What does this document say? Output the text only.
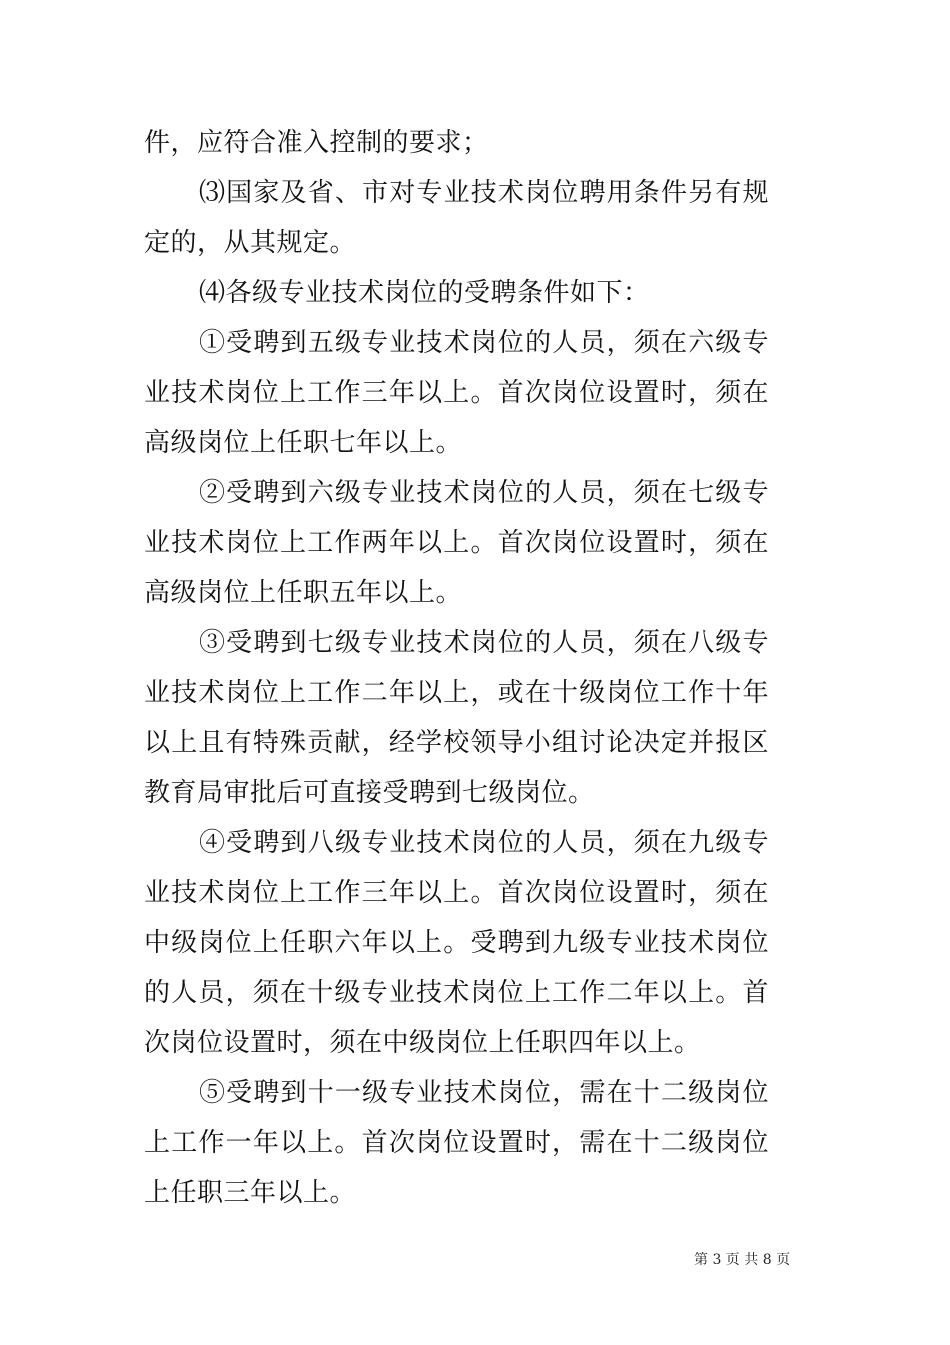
件，应符合准入控制的要求；

⑶国家及省、市对专业技术岗位聘用条件另有规定的，从其规定。

⑷各级专业技术岗位的受聘条件如下：

①受聘到五级专业技术岗位的人员，须在六级专业技术岗位上工作三年以上。首次岗位设置时，须在高级岗位上任职七年以上。

②受聘到六级专业技术岗位的人员，须在七级专业技术岗位上工作两年以上。首次岗位设置时，须在高级岗位上任职五年以上。

③受聘到七级专业技术岗位的人员，须在八级专业技术岗位上工作二年以上，或在十级岗位工作十年以上且有特殊贡献，经学校领导小组讨论决定并报区教育局审批后可直接受聘到七级岗位。

④受聘到八级专业技术岗位的人员，须在九级专业技术岗位上工作三年以上。首次岗位设置时，须在中级岗位上任职六年以上。受聘到九级专业技术岗位的人员，须在十级专业技术岗位上工作二年以上。首次岗位设置时，须在中级岗位上任职四年以上。

⑤受聘到十一级专业技术岗位，需在十二级岗位上工作一年以上。首次岗位设置时，需在十二级岗位上任职三年以上。

第 3 页 共 8 页
